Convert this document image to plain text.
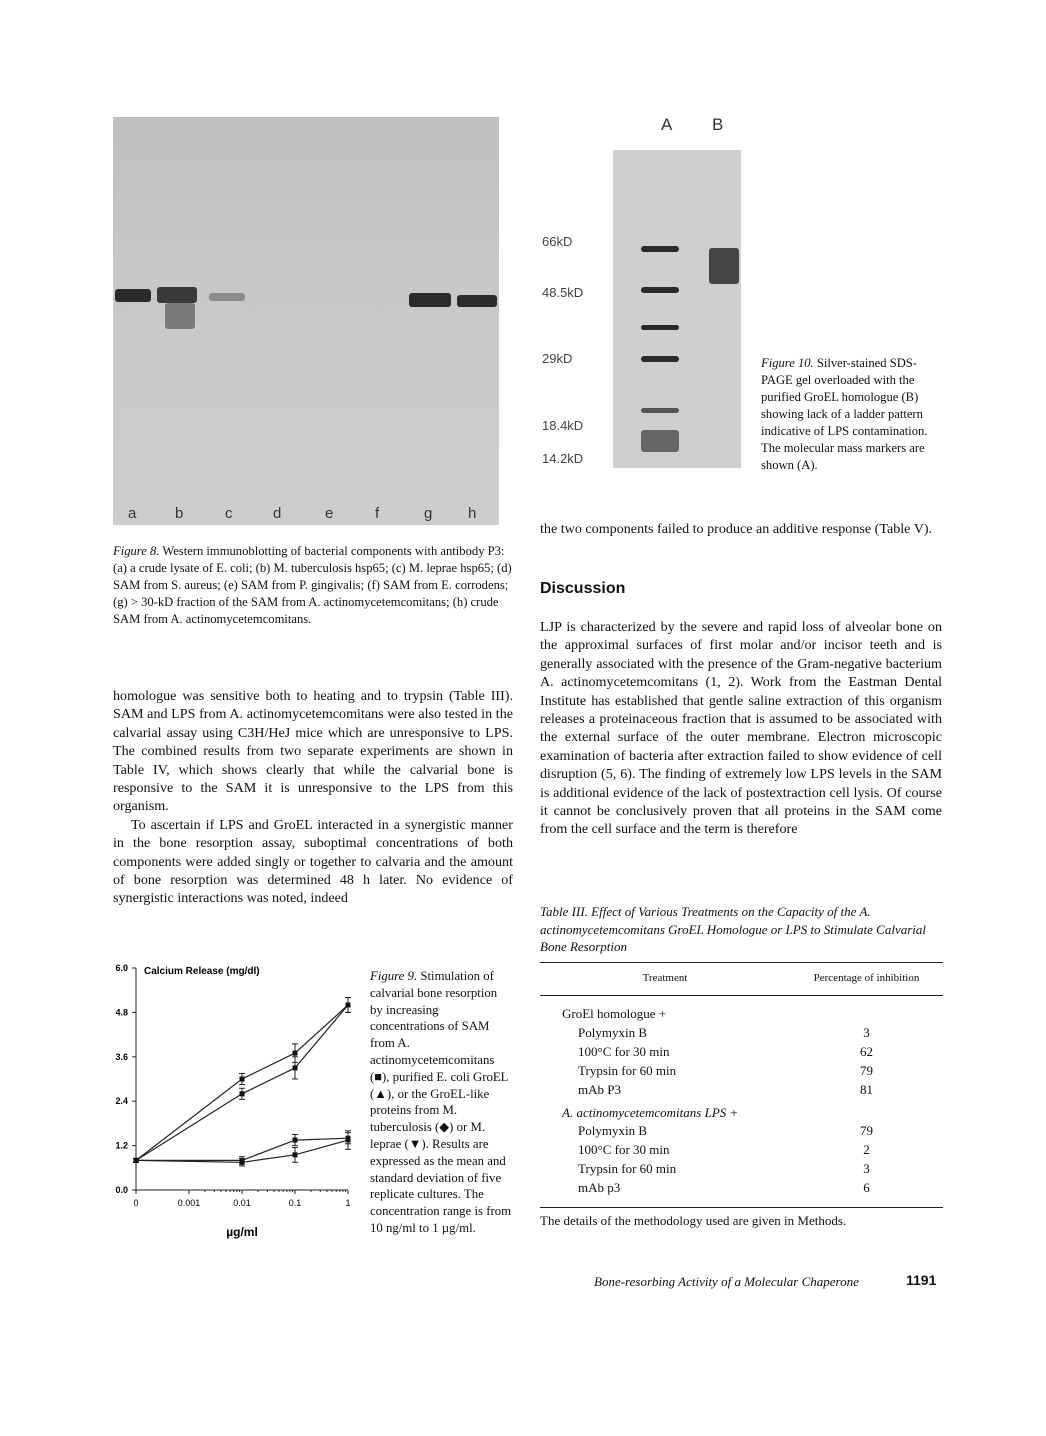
a	b	c	d	e	f	g h
Figure 8. Western immunoblotting of bacterial components with antibody P3: (a) a crude lysate of E. coli; (b) M. tuberculosis hsp65; (c) M. leprae hsp65; (d) SAM from S. aureus; (e) SAM from P. gingivalis; (f) SAM from E. corrodens; (g) > 30-kD fraction of the SAM from A. actinomycetemcomitans; (h) crude SAM from A. actinomycetemcomitans.
A B
66kD
48.5kD
29kD
18.4kD
14.2kD
Figure 10. Silver-stained SDS-PAGE gel overloaded with the purified GroEL homologue (B) showing lack of a ladder pattern indicative of LPS contamination. The molecular mass markers are shown (A).

homologue was sensitive both to heating and to trypsin (Table III). SAM and LPS from A. actinomycetemcomitans were also tested in the calvarial assay using C3H/HeJ mice which are unresponsive to LPS. The combined results from two separate experiments are shown in Table IV, which shows clearly that while the calvarial bone is responsive to the SAM it is unresponsive to the LPS from this organism.

To ascertain if LPS and GroEL interacted in a synergistic manner in the bone resorption assay, suboptimal concentrations of both components were added singly or together to calvaria and the amount of bone resorption was determined 48 h later. No evidence of synergistic interactions was noted, indeed

the two components failed to produce an additive response (Table V).

Discussion

LJP is characterized by the severe and rapid loss of alveolar bone on the approximal surfaces of first molar and/or incisor teeth and is generally associated with the presence of the Gram-negative bacterium A. actinomycetemcomitans (1, 2). Work from the Eastman Dental Institute has established that gentle saline extraction of this organism releases a proteinaceous fraction that is assumed to be associated with the external surface of the outer membrane. Electron microscopic examination of bacteria after extraction failed to show evidence of cell disruption (5, 6). The finding of extremely low LPS levels in the SAM is additional evidence of the lack of postextraction cell lysis. Of course it cannot be conclusively proven that all proteins in the SAM come from the cell surface and the term is therefore

Calcium Release (mg/dl)
0.0
1.2
2.4
3.6
4.8
6.0
0	0.001	0.01	0.1	1
µg/ml
Figure 9. Stimulation of calvarial bone resorption by increasing concentrations of SAM from A. actinomycetemcomitans (■), purified E. coli GroEL (▲), or the GroEL-like proteins from M. tuberculosis (◆) or M. leprae (▼). Results are expressed as the mean and standard deviation of five replicate cultures. The concentration range is from 10 ng/ml to 1 µg/ml.
Table III. Effect of Various Treatments on the Capacity of the A. actinomycetemcomitans GroEL Homologue or LPS to Stimulate Calvarial Bone Resorption
Treatment	Percentage of inhibition
GroEl homologue +	
Polymyxin B	3
100°C for 30 min	62
Trypsin for 60 min	79
mAb P3	81
A. actinomycetemcomitans LPS +	
Polymyxin B	79
100°C for 30 min	2
Trypsin for 60 min	3
mAb p3	6
The details of the methodology used are given in Methods.
Bone-resorbing Activity of a Molecular Chaperone	1191
